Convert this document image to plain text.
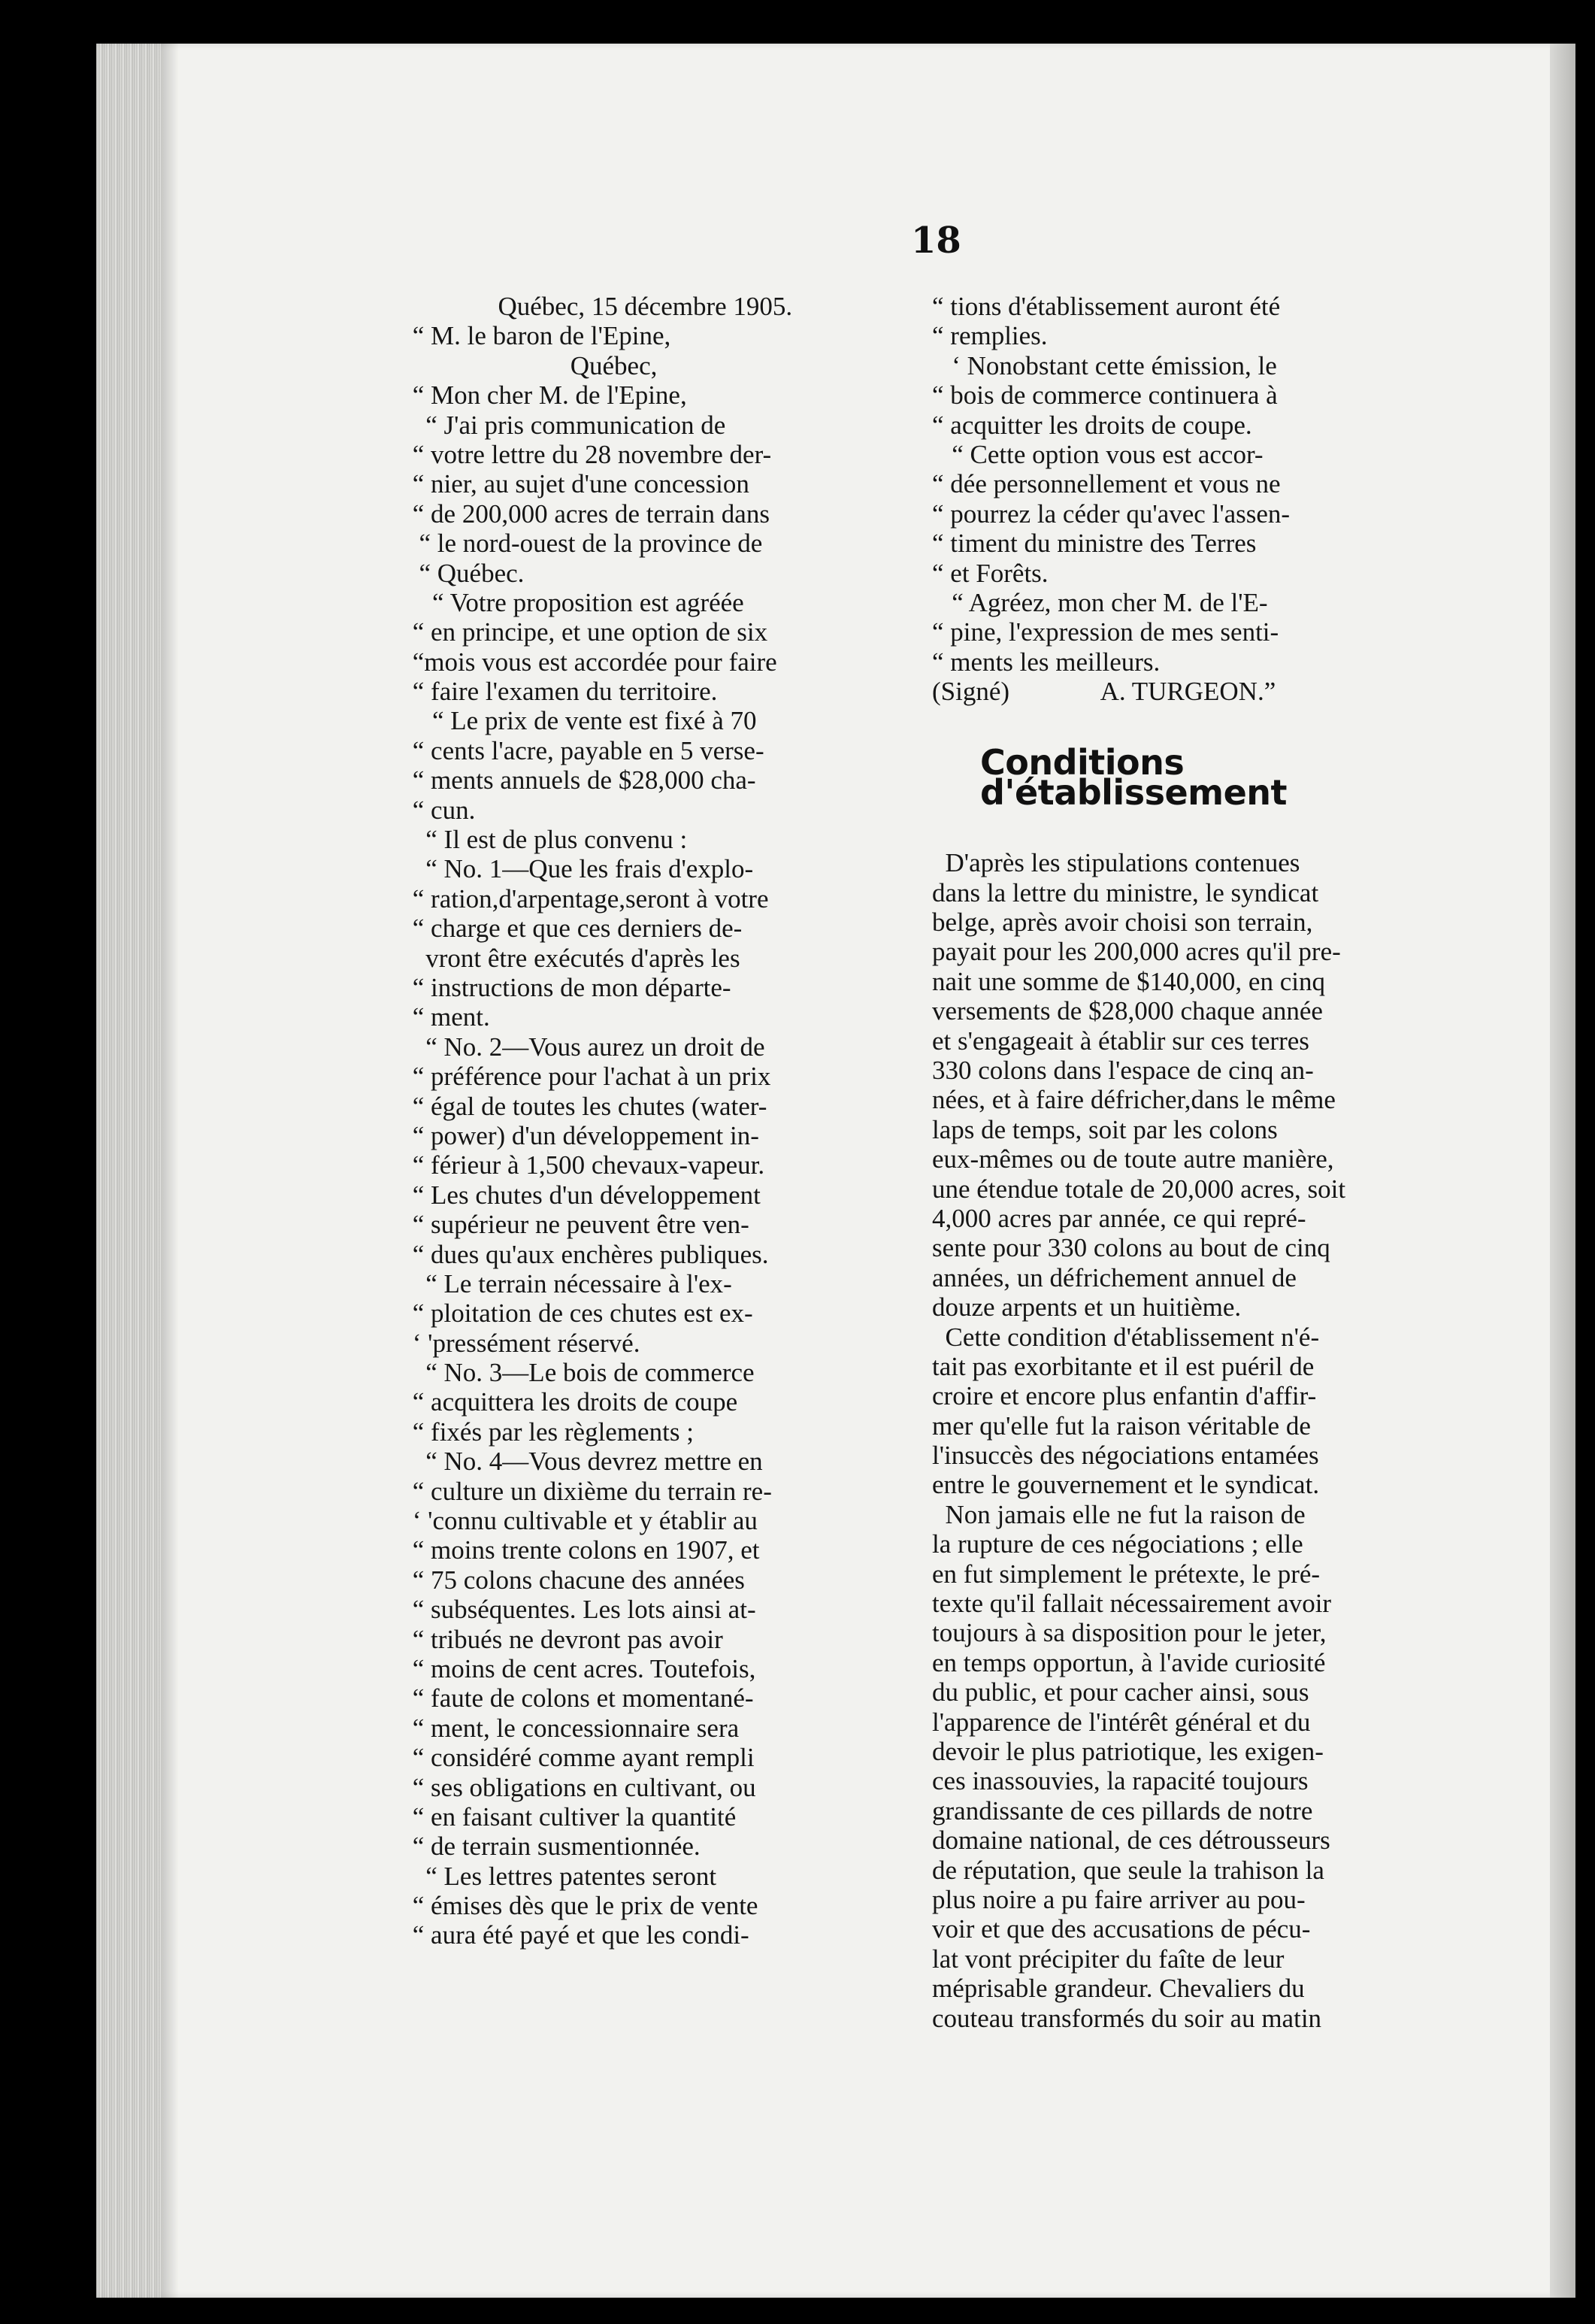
18
Québec, 15 décembre 1905.
“ M. le baron de l'Epine,
Québec,
“ Mon cher M. de l'Epine,
“ J'ai pris communication de
“ votre lettre du 28 novembre der-
“ nier, au sujet d'une concession
“ de 200,000 acres de terrain dans
“ le nord-ouest de la province de
“ Québec.
“ Votre proposition est agréée
“ en principe, et une option de six
“mois vous est accordée pour faire
“ faire l'examen du territoire.
“ Le prix de vente est fixé à 70
“ cents l'acre, payable en 5 verse-
“ ments annuels de $28,000 cha-
“ cun.
“ Il est de plus convenu :
“ No. 1—Que les frais d'explo-
“ ration,d'arpentage,seront à votre
“ charge et que ces derniers de-
vront être exécutés d'après les
“ instructions de mon départe-
“ ment.
“ No. 2—Vous aurez un droit de
“ préférence pour l'achat à un prix
“ égal de toutes les chutes (water-
“ power) d'un développement in-
“ férieur à 1,500 chevaux-vapeur.
“ Les chutes d'un développement
“ supérieur ne peuvent être ven-
“ dues qu'aux enchères publiques.
“ Le terrain nécessaire à l'ex-
“ ploitation de ces chutes est ex-
‘ 'pressément réservé.
“ No. 3—Le bois de commerce
“ acquittera les droits de coupe
“ fixés par les règlements ;
“ No. 4—Vous devrez mettre en
“ culture un dixième du terrain re-
‘ 'connu cultivable et y établir au
“ moins trente colons en 1907, et
“ 75 colons chacune des années
“ subséquentes. Les lots ainsi at-
“ tribués ne devront pas avoir
“ moins de cent acres. Toutefois,
“ faute de colons et momentané-
“ ment, le concessionnaire sera
“ considéré comme ayant rempli
“ ses obligations en cultivant, ou
“ en faisant cultiver la quantité
“ de terrain susmentionnée.
“ Les lettres patentes seront
“ émises dès que le prix de vente
“ aura été payé et que les condi-
“ tions d'établissement auront été
“ remplies.
‘ Nonobstant cette émission, le
“ bois de commerce continuera à
“ acquitter les droits de coupe.
“ Cette option vous est accor-
“ dée personnellement et vous ne
“ pourrez la céder qu'avec l'assen-
“ timent du ministre des Terres
“ et Forêts.
“ Agréez, mon cher M. de l'E-
“ pine, l'expression de mes senti-
“ ments les meilleurs.
(Signé)              A. TURGEON.”
Conditions d'établissement
D'après les stipulations contenues
dans la lettre du ministre, le syndicat
belge, après avoir choisi son terrain,
payait pour les 200,000 acres qu'il pre-
nait une somme de $140,000, en cinq
versements de $28,000 chaque année
et s'engageait à établir sur ces terres
330 colons dans l'espace de cinq an-
nées, et à faire défricher,dans le même
laps de temps, soit par les colons
eux-mêmes ou de toute autre manière,
une étendue totale de 20,000 acres, soit
4,000 acres par année, ce qui repré-
sente pour 330 colons au bout de cinq
années, un défrichement annuel de
douze arpents et un huitième.
Cette condition d'établissement n'é-
tait pas exorbitante et il est puéril de
croire et encore plus enfantin d'affir-
mer qu'elle fut la raison véritable de
l'insuccès des négociations entamées
entre le gouvernement et le syndicat.
Non jamais elle ne fut la raison de
la rupture de ces négociations ; elle
en fut simplement le prétexte, le pré-
texte qu'il fallait nécessairement avoir
toujours à sa disposition pour le jeter,
en temps opportun, à l'avide curiosité
du public, et pour cacher ainsi, sous
l'apparence de l'intérêt général et du
devoir le plus patriotique, les exigen-
ces inassouvies, la rapacité toujours
grandissante de ces pillards de notre
domaine national, de ces détrousseurs
de réputation, que seule la trahison la
plus noire a pu faire arriver au pou-
voir et que des accusations de pécu-
lat vont précipiter du faîte de leur
méprisable grandeur. Chevaliers du
couteau transformés du soir au matin
